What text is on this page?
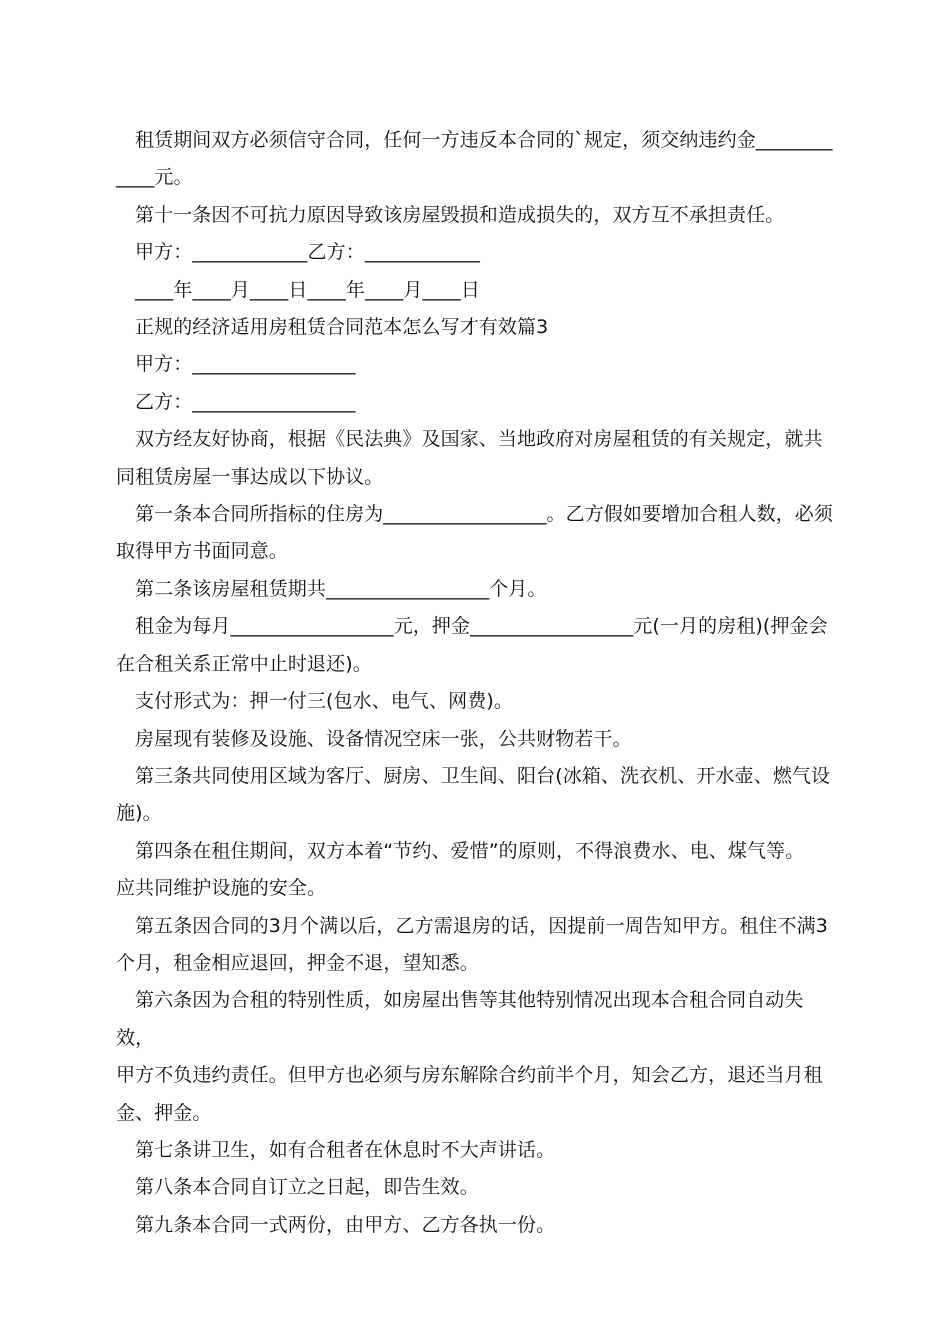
租赁期间双方必须信守合同，任何一方违反本合同的`规定，须交纳违约金________
____元。

第十一条因不可抗力原因导致该房屋毁损和造成损失的，双方互不承担责任。

甲方：____________乙方：____________

____年____月____日____年____月____日

正规的经济适用房租赁合同范本怎么写才有效篇3

甲方：_________________

乙方：_________________

双方经友好协商，根据《民法典》及国家、当地政府对房屋租赁的有关规定，就共
同租赁房屋一事达成以下协议。

第一条本合同所指标的住房为_________________。乙方假如要增加合租人数，必须
取得甲方书面同意。

第二条该房屋租赁期共_________________个月。

租金为每月_________________元，押金_________________元(一月的房租)(押金会
在合租关系正常中止时退还)。

支付形式为：押一付三(包水、电气、网费)。

房屋现有装修及设施、设备情况空床一张，公共财物若干。

第三条共同使用区域为客厅、厨房、卫生间、阳台(冰箱、洗衣机、开水壶、燃气设
施)。

第四条在租住期间，双方本着“节约、爱惜”的原则，不得浪费水、电、煤气等。
应共同维护设施的安全。

第五条因合同的3月个满以后，乙方需退房的话，因提前一周告知甲方。租住不满3
个月，租金相应退回，押金不退，望知悉。

第六条因为合租的特别性质，如房屋出售等其他特别情况出现本合租合同自动失效，
甲方不负违约责任。但甲方也必须与房东解除合约前半个月，知会乙方，退还当月租
金、押金。

第七条讲卫生，如有合租者在休息时不大声讲话。

第八条本合同自订立之日起，即告生效。

第九条本合同一式两份，由甲方、乙方各执一份。
